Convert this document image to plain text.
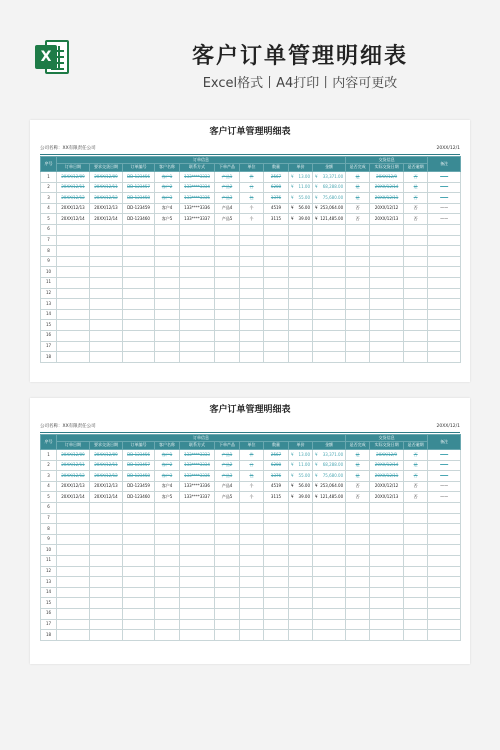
X	客户订单管理明细表
Excel格式丨A4打印丨内容可更改
客户订单管理明细表
公司名称：XX有限责任公司	20XX/12/1
序号	订单信息										交货信息			备注
	订单日期	要求交货日期	订单编号	客户名称	联系方式	下单产品	单位	数量	单价	金额	是否完成	实际交货日期	是否逾期	
1	20XX/12/09	20XX/12/09	DD-123456	客户1	133****3333	产品1	件	2567	¥ 13.00	¥ 33,371.00	是	20XX/12/9	否	——
2	20XX/12/11	20XX/12/11	DD-123457	客户2	133****3334	产品2	台	6208	¥ 11.00	¥ 68,288.00	是	20XX/12/14	是	——
3	20XX/12/12	20XX/12/12	DD-123458	客户3	133****3335	产品3	包	1376	¥ 55.00	¥ 75,680.00	是	20XX/12/11	否	——
4	20XX/12/13	20XX/12/13	DD-123459	客户4	133****3336	产品4	个	4519	¥ 56.00	¥ 253,064.00	否	20XX/12/12	否	——
5	20XX/12/14	20XX/12/14	DD-123460	客户5	133****3337	产品5	个	3115	¥ 39.00	¥ 121,485.00	否	20XX/12/13	否	——
6														
7														
8														
9														
10														
11														
12														
13														
14														
15														
16														
17														
18														
客户订单管理明细表
公司名称：XX有限责任公司	20XX/12/1
序号	订单信息										交货信息			备注
	订单日期	要求交货日期	订单编号	客户名称	联系方式	下单产品	单位	数量	单价	金额	是否完成	实际交货日期	是否逾期	
1	20XX/12/09	20XX/12/09	DD-123456	客户1	133****3333	产品1	件	2567	¥ 13.00	¥ 33,371.00	是	20XX/12/9	否	——
2	20XX/12/11	20XX/12/11	DD-123457	客户2	133****3334	产品2	台	6208	¥ 11.00	¥ 68,288.00	是	20XX/12/14	是	——
3	20XX/12/12	20XX/12/12	DD-123458	客户3	133****3335	产品3	包	1376	¥ 55.00	¥ 75,680.00	是	20XX/12/11	否	——
4	20XX/12/13	20XX/12/13	DD-123459	客户4	133****3336	产品4	个	4519	¥ 56.00	¥ 253,064.00	否	20XX/12/12	否	——
5	20XX/12/14	20XX/12/14	DD-123460	客户5	133****3337	产品5	个	3115	¥ 39.00	¥ 121,485.00	否	20XX/12/13	否	——
6														
7														
8														
9														
10														
11														
12														
13														
14														
15														
16														
17														
18														
